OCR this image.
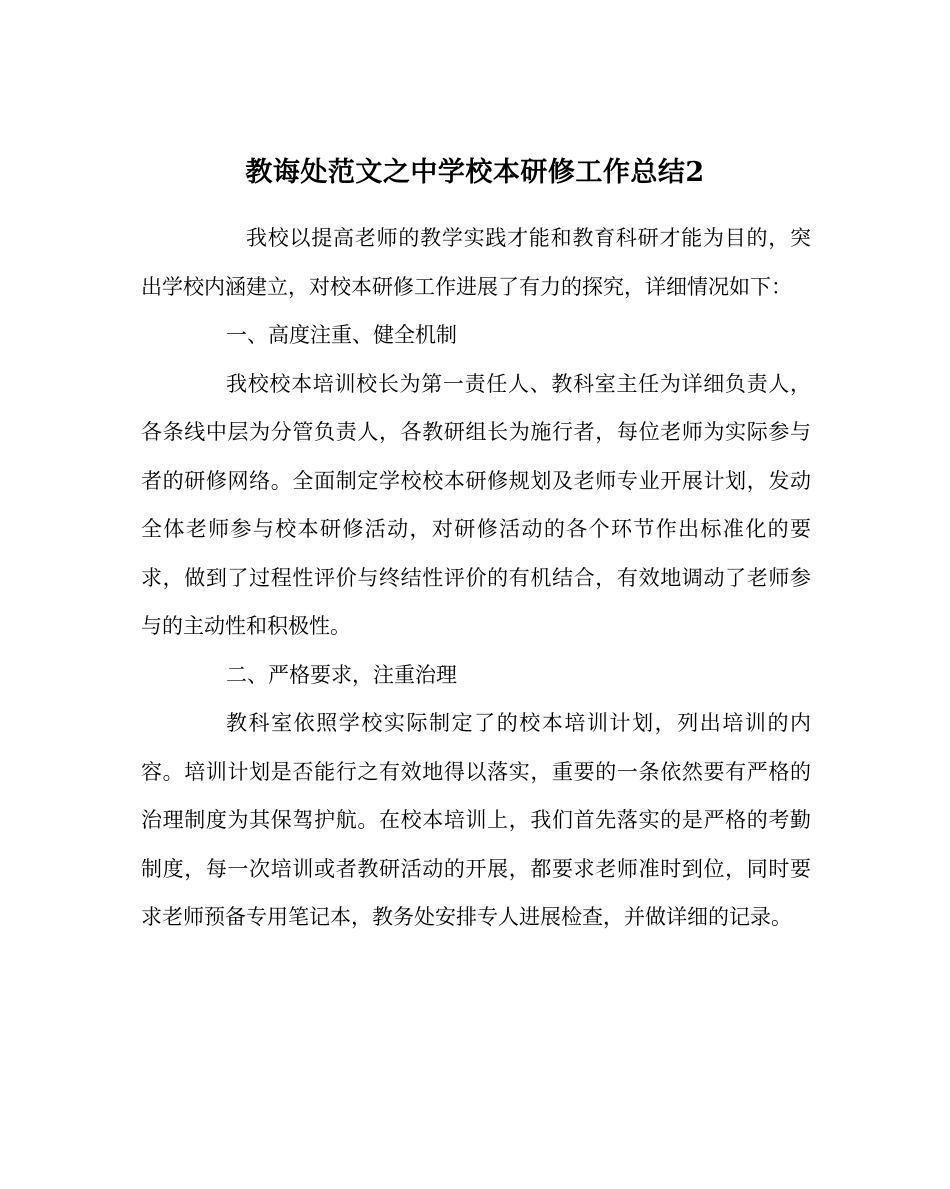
教诲处范文之中学校本研修工作总结2

我校以提高老师的教学实践才能和教育科研才能为目的，突出学校内涵建立，对校本研修工作进展了有力的探究，详细情况如下：

一、高度注重、健全机制

我校校本培训校长为第一责任人、教科室主任为详细负责人，各条线中层为分管负责人，各教研组长为施行者，每位老师为实际参与者的研修网络。全面制定学校校本研修规划及老师专业开展计划，发动全体老师参与校本研修活动，对研修活动的各个环节作出标准化的要求，做到了过程性评价与终结性评价的有机结合，有效地调动了老师参与的主动性和积极性。

二、严格要求，注重治理

教科室依照学校实际制定了的校本培训计划，列出培训的内容。培训计划是否能行之有效地得以落实，重要的一条依然要有严格的治理制度为其保驾护航。在校本培训上，我们首先落实的是严格的考勤制度，每一次培训或者教研活动的开展，都要求老师准时到位，同时要求老师预备专用笔记本，教务处安排专人进展检查，并做详细的记录。
